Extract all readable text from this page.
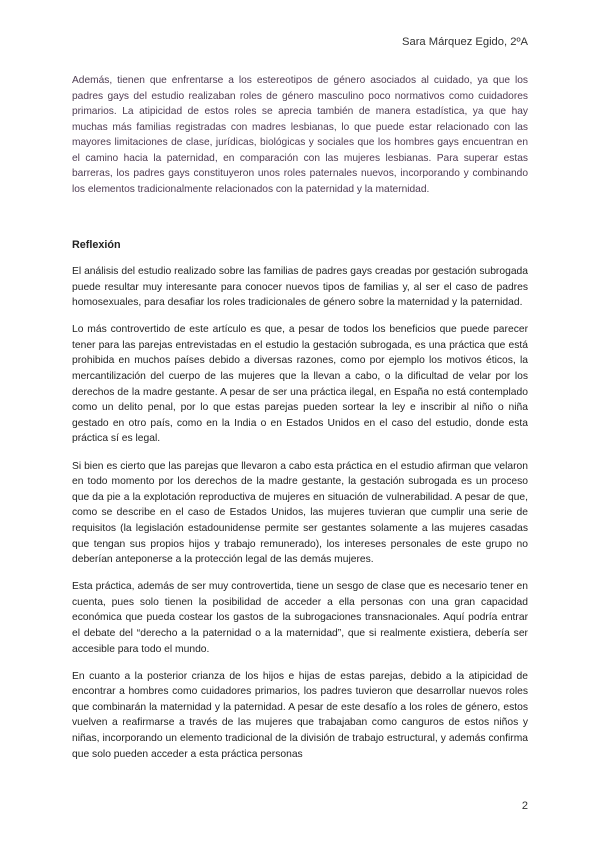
Sara Márquez Egido, 2ºA

Además, tienen que enfrentarse a los estereotipos de género asociados al cuidado, ya que los padres gays del estudio realizaban roles de género masculino poco normativos como cuidadores primarios. La atipicidad de estos roles se aprecia también de manera estadística, ya que hay muchas más familias registradas con madres lesbianas, lo que puede estar relacionado con las mayores limitaciones de clase, jurídicas, biológicas y sociales que los hombres gays encuentran en el camino hacia la paternidad, en comparación con las mujeres lesbianas. Para superar estas barreras, los padres gays constituyeron unos roles paternales nuevos, incorporando y combinando los elementos tradicionalmente relacionados con la paternidad y la maternidad.

Reflexión

El análisis del estudio realizado sobre las familias de padres gays creadas por gestación subrogada puede resultar muy interesante para conocer nuevos tipos de familias y, al ser el caso de padres homosexuales, para desafiar los roles tradicionales de género sobre la maternidad y la paternidad.

Lo más controvertido de este artículo es que, a pesar de todos los beneficios que puede parecer tener para las parejas entrevistadas en el estudio la gestación subrogada, es una práctica que está prohibida en muchos países debido a diversas razones, como por ejemplo los motivos éticos, la mercantilización del cuerpo de las mujeres que la llevan a cabo, o la dificultad de velar por los derechos de la madre gestante. A pesar de ser una práctica ilegal, en España no está contemplado como un delito penal, por lo que estas parejas pueden sortear la ley e inscribir al niño o niña gestado en otro país, como en la India o en Estados Unidos en el caso del estudio, donde esta práctica sí es legal.

Si bien es cierto que las parejas que llevaron a cabo esta práctica en el estudio afirman que velaron en todo momento por los derechos de la madre gestante, la gestación subrogada es un proceso que da pie a la explotación reproductiva de mujeres en situación de vulnerabilidad. A pesar de que, como se describe en el caso de Estados Unidos, las mujeres tuvieran que cumplir una serie de requisitos (la legislación estadounidense permite ser gestantes solamente a las mujeres casadas que tengan sus propios hijos y trabajo remunerado), los intereses personales de este grupo no deberían anteponerse a la protección legal de las demás mujeres.

Esta práctica, además de ser muy controvertida, tiene un sesgo de clase que es necesario tener en cuenta, pues solo tienen la posibilidad de acceder a ella personas con una gran capacidad económica que pueda costear los gastos de la subrogaciones transnacionales. Aquí podría entrar el debate del “derecho a la paternidad o a la maternidad”, que si realmente existiera, debería ser accesible para todo el mundo.

En cuanto a la posterior crianza de los hijos e hijas de estas parejas, debido a la atipicidad de encontrar a hombres como cuidadores primarios, los padres tuvieron que desarrollar nuevos roles que combinarán la maternidad y la paternidad. A pesar de este desafío a los roles de género, estos vuelven a reafirmarse a través de las mujeres que trabajaban como canguros de estos niños y niñas, incorporando un elemento tradicional de la división de trabajo estructural, y además confirma que solo pueden acceder a esta práctica personas

2
